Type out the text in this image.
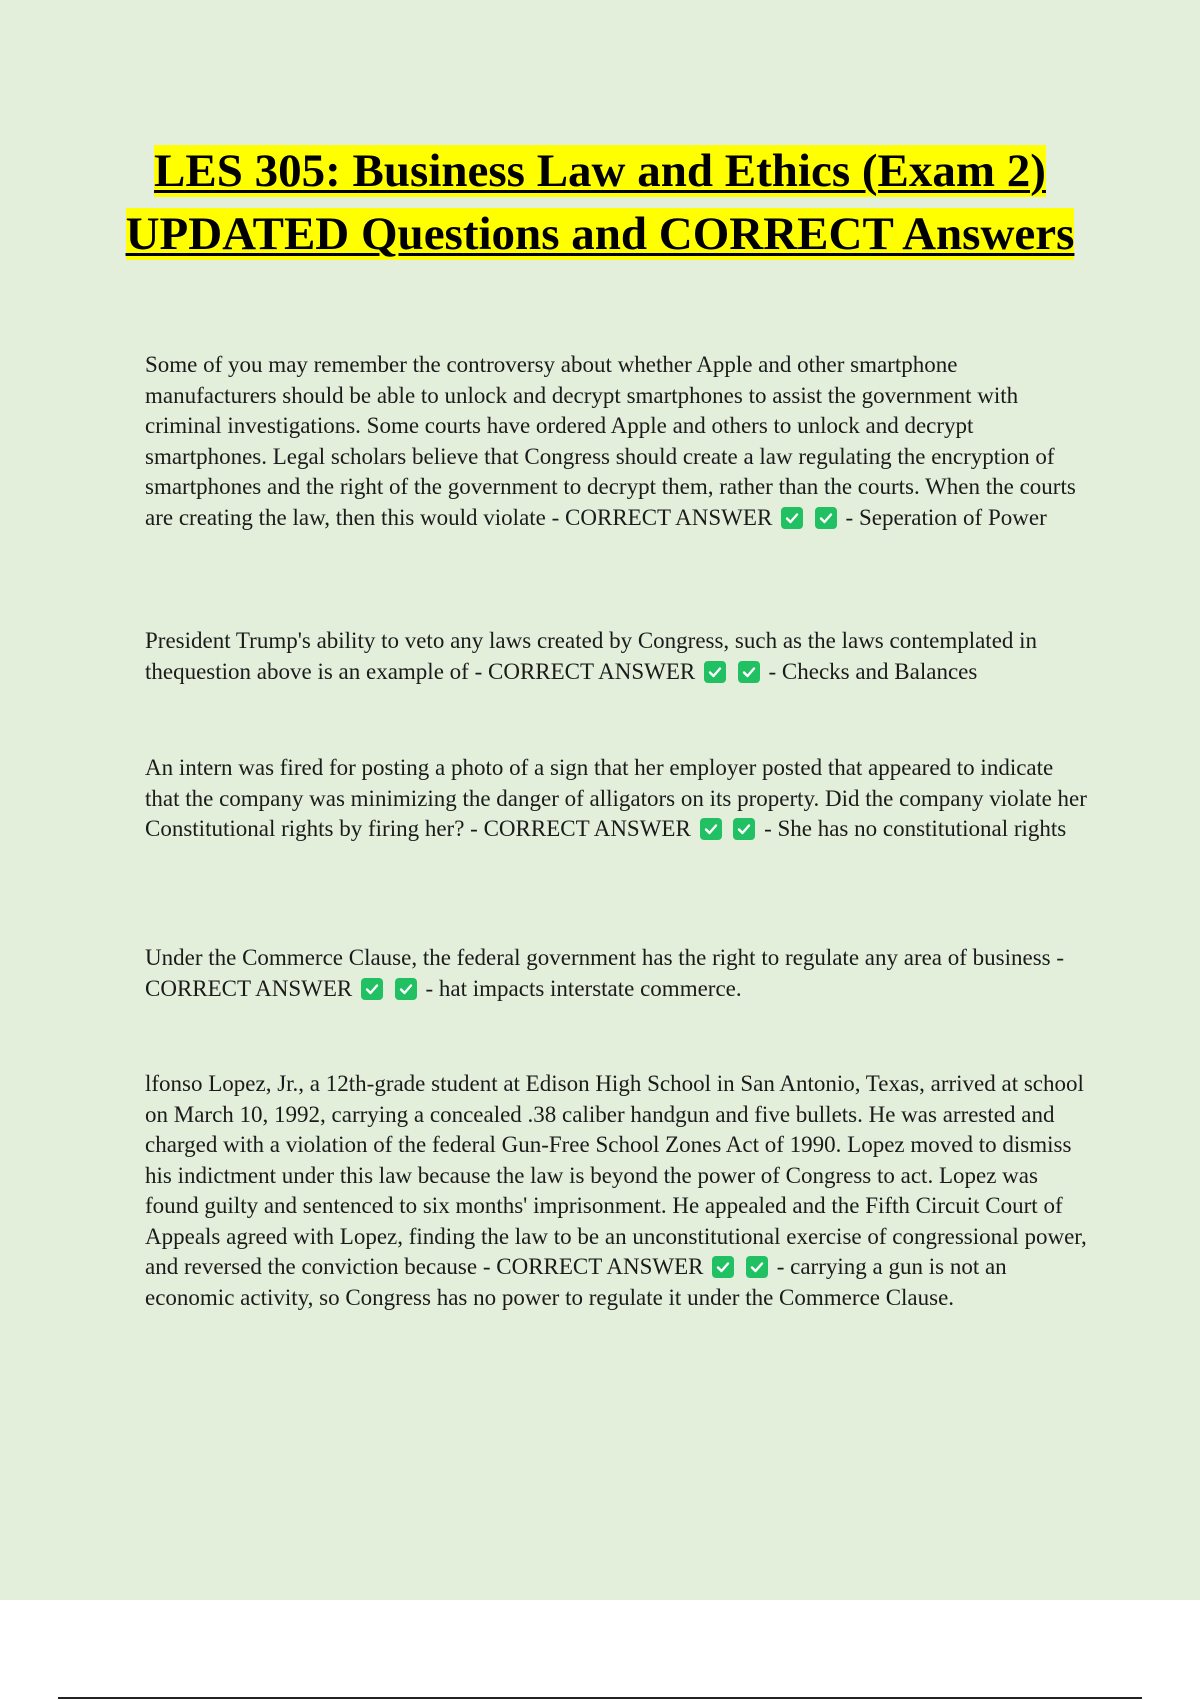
LES 305: Business Law and Ethics (Exam 2) UPDATED Questions and CORRECT Answers

Some of you may remember the controversy about whether Apple and other smartphone manufacturers should be able to unlock and decrypt smartphones to assist the government with criminal investigations. Some courts have ordered Apple and others to unlock and decrypt smartphones. Legal scholars believe that Congress should create a law regulating the encryption of smartphones and the right of the government to decrypt them, rather than the courts. When the courts are creating the law, then this would violate - CORRECT ANSWER
	- Seperation of Power

President Trump's ability to veto any laws created by Congress, such as the laws contemplated in thequestion above is an example of - CORRECT ANSWER
	- Checks and Balances

An intern was fired for posting a photo of a sign that her employer posted that appeared to indicate that the company was minimizing the danger of alligators on its property. Did the company violate her Constitutional rights by firing her? - CORRECT ANSWER
	- She has no constitutional rights

Under the Commerce Clause, the federal government has the right to regulate any area of business - CORRECT ANSWER
	- hat impacts interstate commerce.

lfonso Lopez, Jr., a 12th-grade student at Edison High School in San Antonio, Texas, arrived at school on March 10, 1992, carrying a concealed .38 caliber handgun and five bullets. He was arrested and charged with a violation of the federal Gun-Free School Zones Act of 1990. Lopez moved to dismiss his indictment under this law because the law is beyond the power of Congress to act. Lopez was found guilty and sentenced to six months' imprisonment. He appealed and the Fifth Circuit Court of Appeals agreed with Lopez, finding the law to be an unconstitutional exercise of congressional power, and reversed the conviction because - CORRECT ANSWER
	- carrying a gun is not an economic activity, so Congress has no power to regulate it under the Commerce Clause.
